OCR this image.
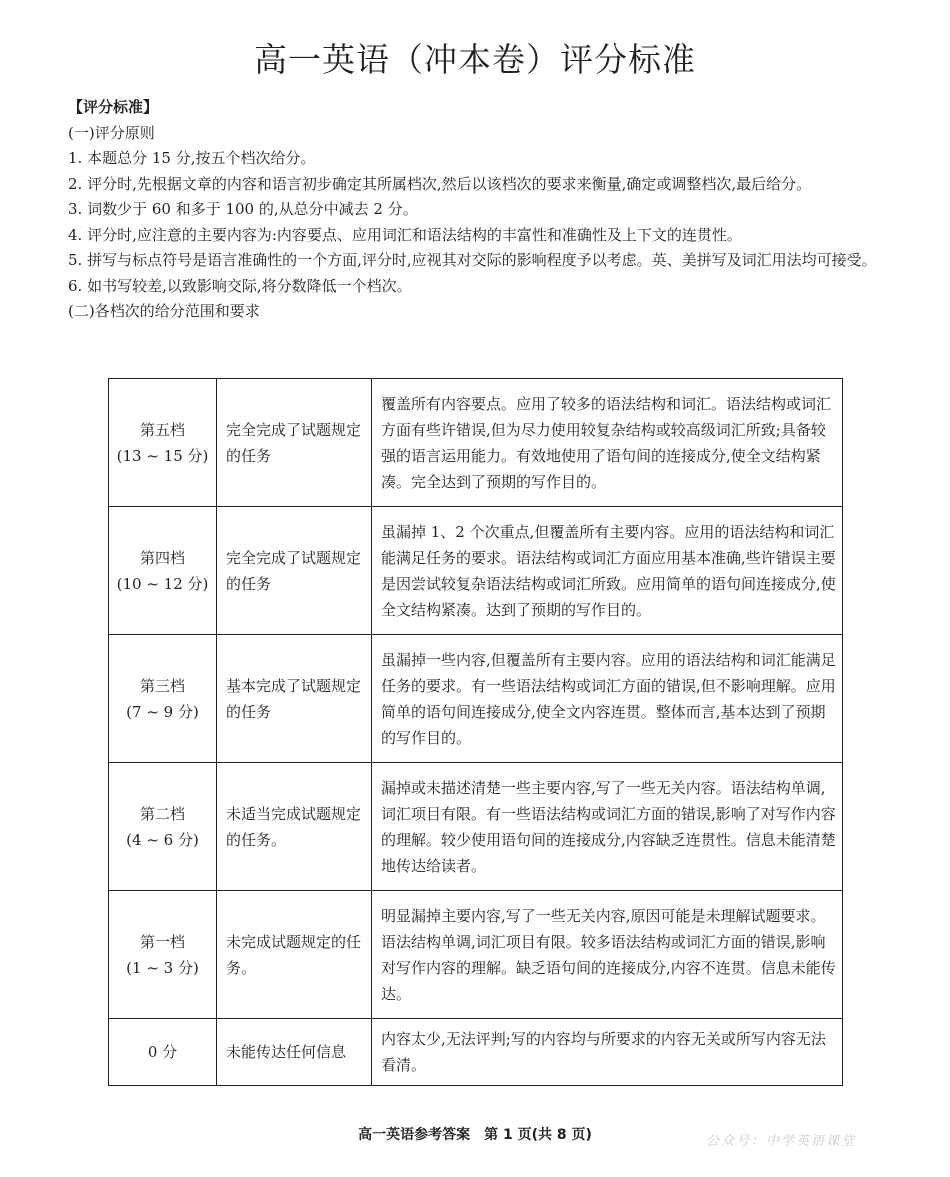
高一英语（冲本卷）评分标准

【评分标准】

(一)评分原则

1. 本题总分 15 分,按五个档次给分。

2. 评分时,先根据文章的内容和语言初步确定其所属档次,然后以该档次的要求来衡量,确定或调整档次,最后给分。

3. 词数少于 60 和多于 100 的,从总分中减去 2 分。

4. 评分时,应注意的主要内容为:内容要点、应用词汇和语法结构的丰富性和准确性及上下文的连贯性。

5. 拼写与标点符号是语言准确性的一个方面,评分时,应视其对交际的影响程度予以考虑。英、美拼写及词汇用法均可接受。

6. 如书写较差,以致影响交际,将分数降低一个档次。

(二)各档次的给分范围和要求

第五档
(13 ~ 15 分)	完全完成了试题规定的任务	覆盖所有内容要点。应用了较多的语法结构和词汇。语法结构或词汇方面有些许错误,但为尽力使用较复杂结构或较高级词汇所致;具备较强的语言运用能力。有效地使用了语句间的连接成分,使全文结构紧凑。完全达到了预期的写作目的。

第四档
(10 ~ 12 分)	完全完成了试题规定的任务	虽漏掉 1、2 个次重点,但覆盖所有主要内容。应用的语法结构和词汇能满足任务的要求。语法结构或词汇方面应用基本准确,些许错误主要是因尝试较复杂语法结构或词汇所致。应用简单的语句间连接成分,使全文结构紧凑。达到了预期的写作目的。

第三档
(7 ~ 9 分)	基本完成了试题规定的任务	虽漏掉一些内容,但覆盖所有主要内容。应用的语法结构和词汇能满足任务的要求。有一些语法结构或词汇方面的错误,但不影响理解。应用简单的语句间连接成分,使全文内容连贯。整体而言,基本达到了预期的写作目的。

第二档
(4 ~ 6 分)	未适当完成试题规定的任务。	漏掉或未描述清楚一些主要内容,写了一些无关内容。语法结构单调,词汇项目有限。有一些语法结构或词汇方面的错误,影响了对写作内容的理解。较少使用语句间的连接成分,内容缺乏连贯性。信息未能清楚地传达给读者。

第一档
(1 ~ 3 分)	未完成试题规定的任务。	明显漏掉主要内容,写了一些无关内容,原因可能是未理解试题要求。语法结构单调,词汇项目有限。较多语法结构或词汇方面的错误,影响对写作内容的理解。缺乏语句间的连接成分,内容不连贯。信息未能传达。

0 分	未能传达任何信息	内容太少,无法评判;写的内容均与所要求的内容无关或所写内容无法看清。
高一英语参考答案　第 1 页(共 8 页)	公众号：中学英语课堂
